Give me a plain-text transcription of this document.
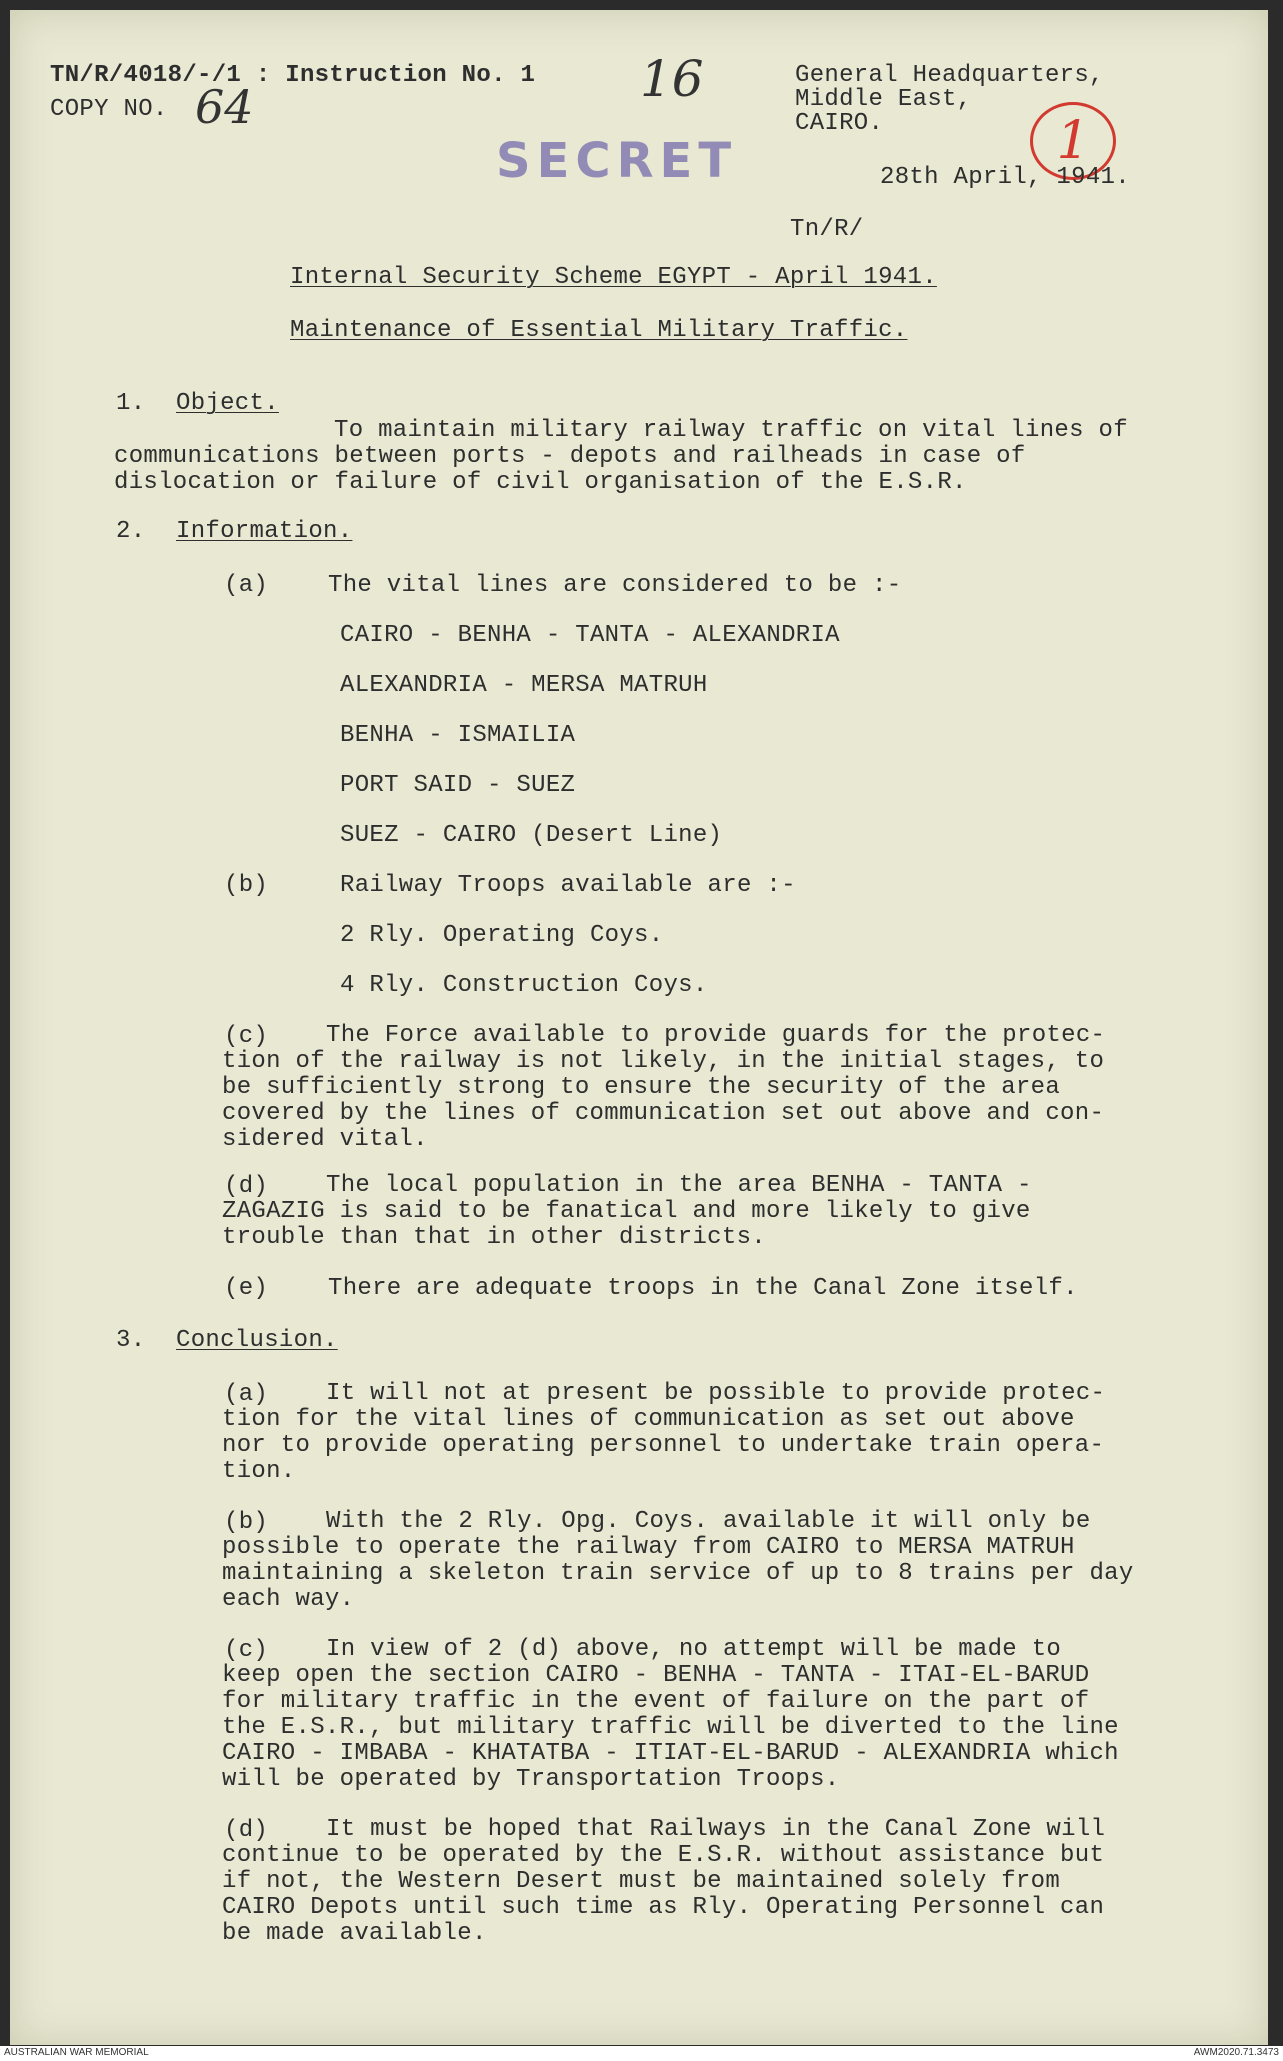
TN/R/4018/-/1 : Instruction No. 1
COPY NO. 64	16
SECRET
General Headquarters,
Middle East,
CAIRO.	1
28th April, 1941.
Tn/R/
Internal Security Scheme EGYPT - April 1941.
Maintenance of Essential Military Traffic.
1. Object.
To maintain military railway traffic on vital lines of
communications between ports - depots and railheads in case of
dislocation or failure of civil organisation of the E.S.R.
2. Information.
(a) The vital lines are considered to be :-
CAIRO - BENHA - TANTA - ALEXANDRIA
ALEXANDRIA - MERSA MATRUH
BENHA - ISMAILIA
PORT SAID - SUEZ
SUEZ - CAIRO (Desert Line)
(b)	Railway Troops available are :-
2 Rly. Operating Coys.
4 Rly. Construction Coys.
(c)	The Force available to provide guards for the protec-
tion of the railway is not likely, in the initial stages, to
be sufficiently strong to ensure the security of the area
covered by the lines of communication set out above and con-
sidered vital.
(d)	The local population in the area BENHA - TANTA -
ZAGAZIG is said to be fanatical and more likely to give
trouble than that in other districts.
(e) There are adequate troops in the Canal Zone itself.
3. Conclusion.
(a)	It will not at present be possible to provide protec-
tion for the vital lines of communication as set out above
nor to provide operating personnel to undertake train opera-
tion.
(b)	With the 2 Rly. Opg. Coys. available it will only be
possible to operate the railway from CAIRO to MERSA MATRUH
maintaining a skeleton train service of up to 8 trains per day
each way.
(c)	In view of 2 (d) above, no attempt will be made to
keep open the section CAIRO - BENHA - TANTA - ITAI-EL-BARUD
for military traffic in the event of failure on the part of
the E.S.R., but military traffic will be diverted to the line
CAIRO - IMBABA - KHATATBA - ITIAT-EL-BARUD - ALEXANDRIA which
will be operated by Transportation Troops.
(d)	It must be hoped that Railways in the Canal Zone will
continue to be operated by the E.S.R. without assistance but
if not, the Western Desert must be maintained solely from
CAIRO Depots until such time as Rly. Operating Personnel can
be made available.
AUSTRALIAN WAR MEMORIAL	AWM2020.71.3473
